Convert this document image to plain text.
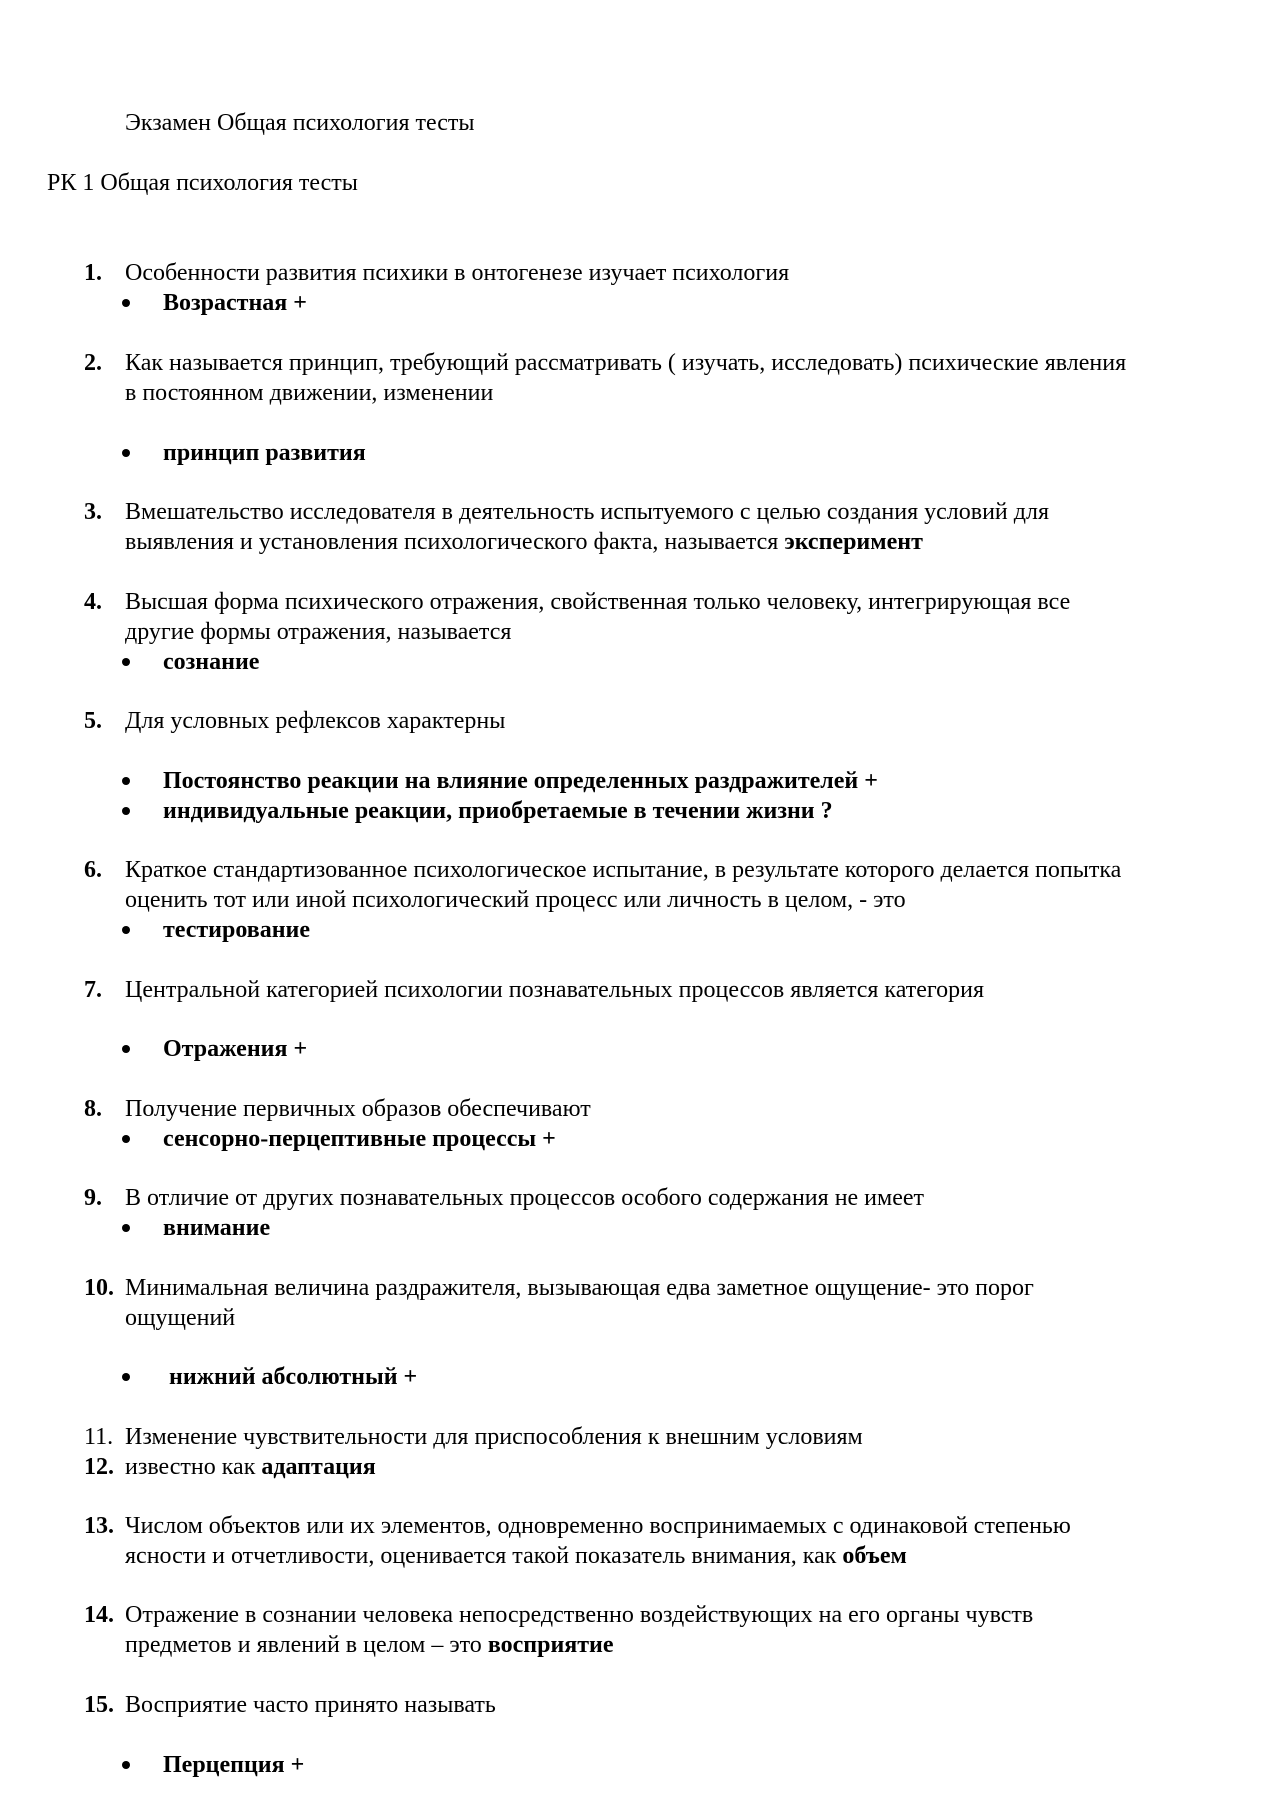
Экзамен Общая психология тесты
РК 1 Общая психология тесты
1. Особенности развития психики в онтогенезе изучает психология
Возрастная +
2. Как называется принцип, требующий рассматривать ( изучать, исследовать) психические явления
в постоянном движении, изменении
принцип развития
3. Вмешательство исследователя в деятельность испытуемого с целью создания условий для
выявления и установления психологического факта, называется эксперимент
4. Высшая форма психического отражения, свойственная только человеку, интегрирующая все
другие формы отражения, называется
сознание
5. Для условных рефлексов характерны
Постоянство реакции на влияние определенных раздражителей +
индивидуальные реакции, приобретаемые в течении жизни ?
6. Краткое стандартизованное психологическое испытание, в результате которого делается попытка
оценить тот или иной психологический процесс или личность в целом, - это
тестирование
7. Центральной категорией психологии познавательных процессов является категория
Отражения +
8. Получение первичных образов обеспечивают
сенсорно-перцептивные процессы +
9. В отличие от других познавательных процессов особого содержания не имеет
внимание
10. Минимальная величина раздражителя, вызывающая едва заметное ощущение- это порог
ощущений
нижний абсолютный +
11. Изменение чувствительности для приспособления к внешним условиям
12. известно как адаптация
13. Числом объектов или их элементов, одновременно воспринимаемых с одинаковой степенью
ясности и отчетливости, оценивается такой показатель внимания, как объем
14. Отражение в сознании человека непосредственно воздействующих на его органы чувств
предметов и явлений в целом – это восприятие
15. Восприятие часто принято называть
Перцепция +
